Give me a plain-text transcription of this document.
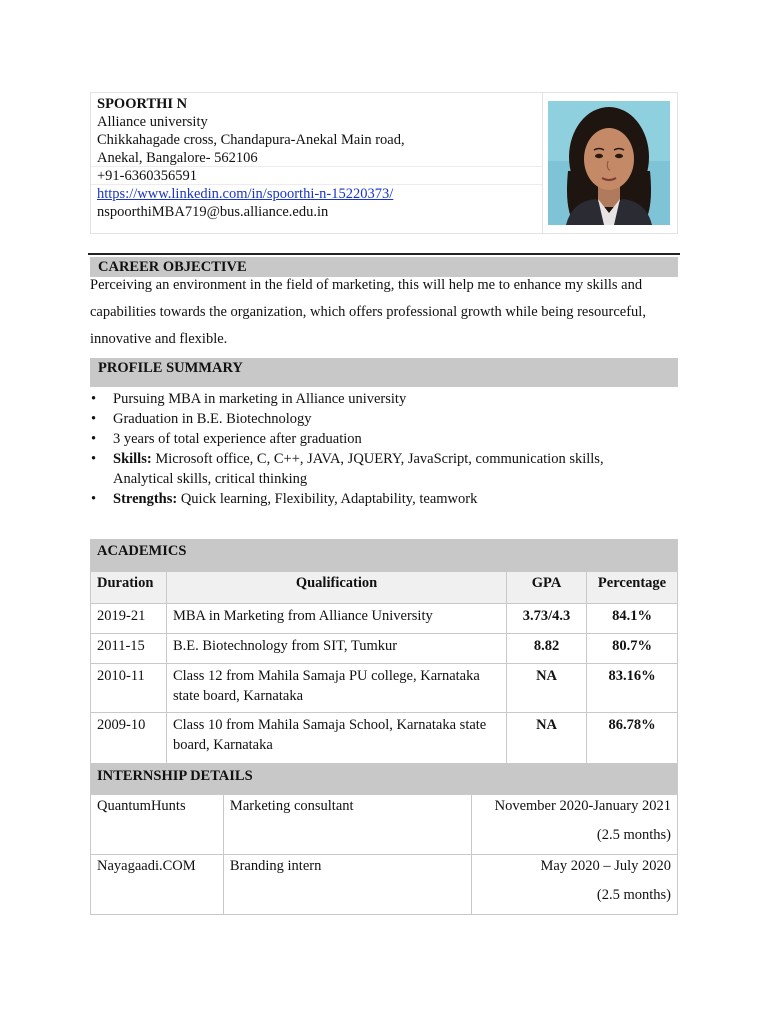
SPOORTHI N
Alliance university
Chikkahagade cross, Chandapura-Anekal Main road,
Anekal, Bangalore- 562106
+91-6360356591
https://www.linkedin.com/in/spoorthi-n-15220373/
nspoorthiMBA719@bus.alliance.edu.in
CAREER OBJECTIVE
Perceiving an environment in the field of marketing, this will help me to enhance my skills and
capabilities towards the organization, which offers professional growth while being resourceful,
innovative and flexible.
PROFILE SUMMARY
• Pursuing MBA in marketing in Alliance university
• Graduation in B.E. Biotechnology
• 3 years of total experience after graduation
• Skills: Microsoft office, C, C++, JAVA, JQUERY, JavaScript, communication skills,
Analytical skills, critical thinking
• Strengths: Quick learning, Flexibility, Adaptability, teamwork
ACADEMICS			
Duration	Qualification	GPA	Percentage
2019-21	MBA in Marketing from Alliance University	3.73/4.3	84.1%
2011-15	B.E. Biotechnology from SIT, Tumkur	8.82	80.7%
2010-11	Class 12 from Mahila Samaja PU college, Karnataka
state board, Karnataka	NA	83.16%
2009-10	Class 10 from Mahila Samaja School, Karnataka state
board, Karnataka	NA	86.78%
INTERNSHIP DETAILS		
QuantumHunts	Marketing consultant	November 2020-January 2021
(2.5 months)

Nayagaadi.COM	Branding intern	May 2020 – July 2020
(2.5 months)
